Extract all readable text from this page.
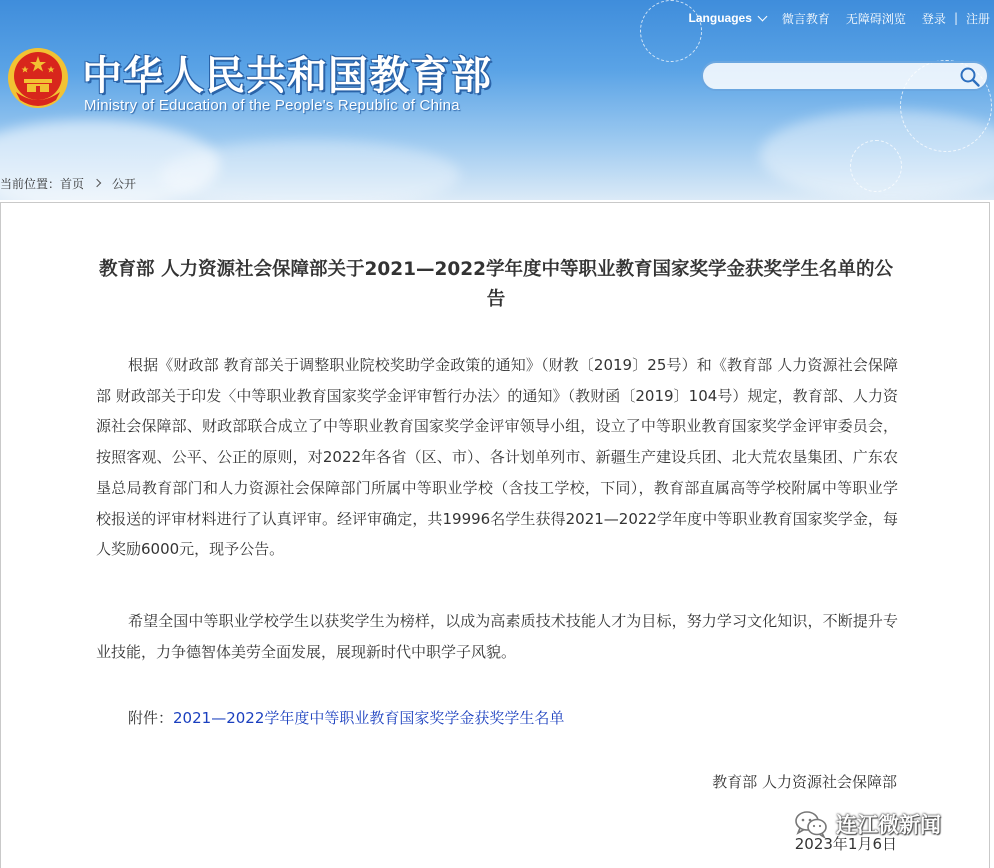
中华人民共和国教育部
Ministry of Education of the People's Republic of China
Languages	微言教育 无障碍浏览 登录 | 注册
当前位置： 首页 公开
教育部 人力资源社会保障部关于2021—2022学年度中等职业教育国家奖学金获奖学生名单的公告

根据《财政部 教育部关于调整职业院校奖助学金政策的通知》（财教〔2019〕25号）和《教育部 人力资源社会保障部 财政部关于印发〈中等职业教育国家奖学金评审暂行办法〉的通知》（教财函〔2019〕104号）规定，教育部、人力资源社会保障部、财政部联合成立了中等职业教育国家奖学金评审领导小组，设立了中等职业教育国家奖学金评审委员会，按照客观、公平、公正的原则，对2022年各省（区、市）、各计划单列市、新疆生产建设兵团、北大荒农垦集团、广东农垦总局教育部门和人力资源社会保障部门所属中等职业学校（含技工学校，下同），教育部直属高等学校附属中等职业学校报送的评审材料进行了认真评审。经评审确定，共19996名学生获得2021—2022学年度中等职业教育国家奖学金，每人奖励6000元，现予公告。

希望全国中等职业学校学生以获奖学生为榜样，以成为高素质技术技能人才为目标，努力学习文化知识，不断提升专业技能，力争德智体美劳全面发展，展现新时代中职学子风貌。

附件：2021—2022学年度中等职业教育国家奖学金获奖学生名单
教育部 人力资源社会保障部
连江微新闻
2023年1月6日
